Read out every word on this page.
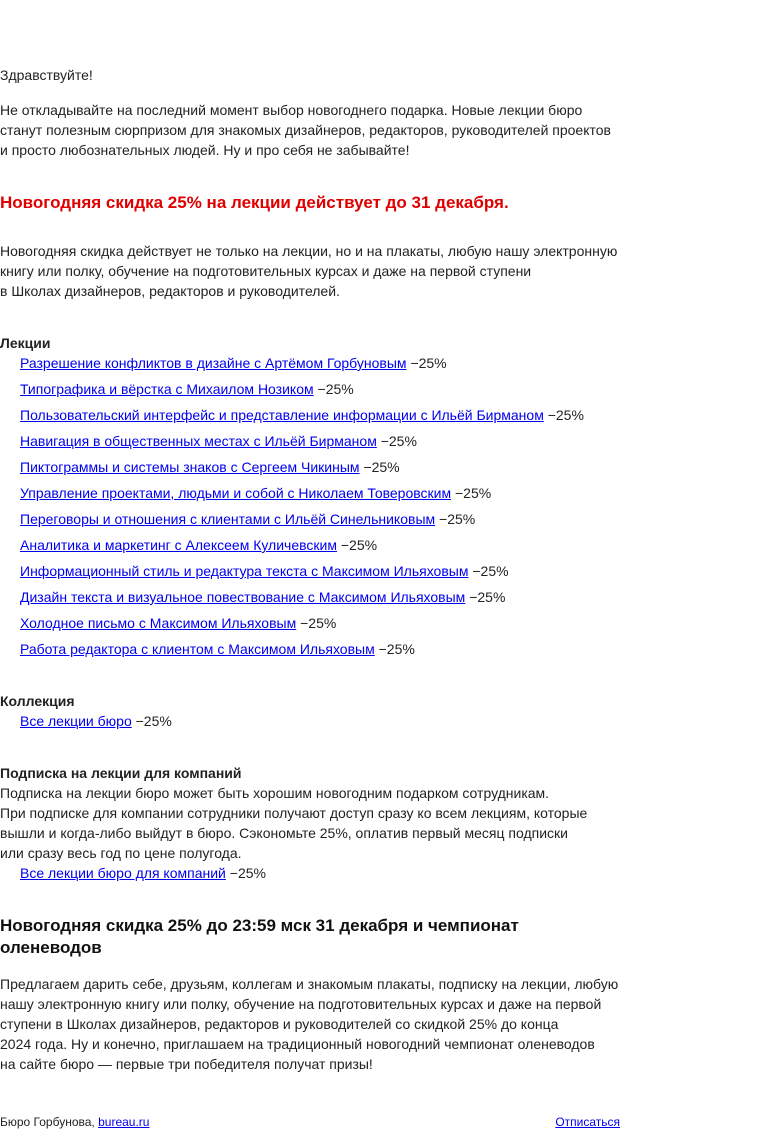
Здравствуйте!

Не откладывайте на последний момент выбор новогоднего подарка. Новые лекции бюро

станут полезным сюрпризом для знакомых дизайнеров, редакторов, руководителей проектов

и просто любознательных людей. Ну и про себя не забывайте!

Новогодняя скидка 25% на лекции действует до 31 декабря.

Новогодняя скидка действует не только на лекции, но и на плакаты, любую нашу электронную

книгу или полку, обучение на подготовительных курсах и даже на первой ступени

в Школах дизайнеров, редакторов и руководителей.

Лекции
Разрешение конфликтов в дизайне с Артёмом Горбуновым −25%
Типографика и вёрстка с Михаилом Нозиком −25%
Пользовательский интерфейс и представление информации с Ильёй Бирманом −25%
Навигация в общественных местах с Ильёй Бирманом −25%
Пиктограммы и системы знаков с Сергеем Чикиным −25%
Управление проектами, людьми и собой с Николаем Товеровским −25%
Переговоры и отношения с клиентами с Ильёй Синельниковым −25%
Аналитика и маркетинг с Алексеем Куличевским −25%
Информационный стиль и редактура текста с Максимом Ильяховым −25%
Дизайн текста и визуальное повествование с Максимом Ильяховым −25%
Холодное письмо с Максимом Ильяховым −25%
Работа редактора с клиентом с Максимом Ильяховым −25%
Коллекция
Все лекции бюро −25%
Подписка на лекции для компаний

Подписка на лекции бюро может быть хорошим новогодним подарком сотрудникам.

При подписке для компании сотрудники получают доступ сразу ко всем лекциям, которые

вышли и когда-либо выйдут в бюро. Сэкономьте 25%, оплатив первый месяц подписки

или сразу весь год по цене полугода.

Все лекции бюро для компаний −25%
Новогодняя скидка 25% до 23:59 мск 31 декабря и чемпионат оленеводов

Предлагаем дарить себе, друзьям, коллегам и знакомым плакаты, подписку на лекции, любую

нашу электронную книгу или полку, обучение на подготовительных курсах и даже на первой

ступени в Школах дизайнеров, редакторов и руководителей со скидкой 25% до конца

2024 года. Ну и конечно, приглашаем на традиционный новогодний чемпионат оленеводов

на сайте бюро — первые три победителя получат призы!

Бюро Горбунова, bureau.ru	Отписаться
